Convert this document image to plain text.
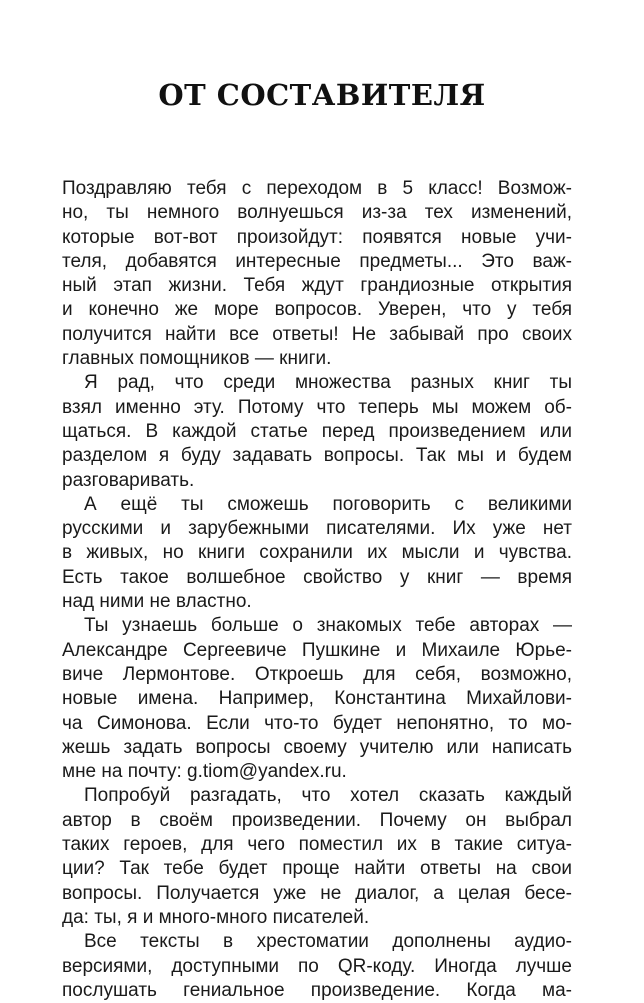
ОТ СОСТАВИТЕЛЯ
Поздравляю тебя с переходом в 5 класс! Возмож-
но, ты немного волнуешься из-за тех изменений,
которые вот-вот произойдут: появятся новые учи-
теля, добавятся интересные предметы... Это важ-
ный этап жизни. Тебя ждут грандиозные открытия
и конечно же море вопросов. Уверен, что у тебя
получится найти все ответы! Не забывай про своих
главных помощников — книги.
Я рад, что среди множества разных книг ты
взял именно эту. Потому что теперь мы можем об-
щаться. В каждой статье перед произведением или
разделом я буду задавать вопросы. Так мы и будем
разговаривать.
А ещё ты сможешь поговорить с великими
русскими и зарубежными писателями. Их уже нет
в живых, но книги сохранили их мысли и чувства.
Есть такое волшебное свойство у книг — время
над ними не властно.
Ты узнаешь больше о знакомых тебе авторах —
Александре Сергеевиче Пушкине и Михаиле Юрье-
виче Лермонтове. Откроешь для себя, возможно,
новые имена. Например, Константина Михайлови-
ча Симонова. Если что-то будет непонятно, то мо-
жешь задать вопросы своему учителю или написать
мне на почту: g.tiom@yandex.ru.
Попробуй разгадать, что хотел сказать каждый
автор в своём произведении. Почему он выбрал
таких героев, для чего поместил их в такие ситуа-
ции? Так тебе будет проще найти ответы на свои
вопросы. Получается уже не диалог, а целая бесе-
да: ты, я и много-много писателей.
Все тексты в хрестоматии дополнены аудио-
версиями, доступными по QR-коду. Иногда лучше
послушать гениальное произведение. Когда ма-
